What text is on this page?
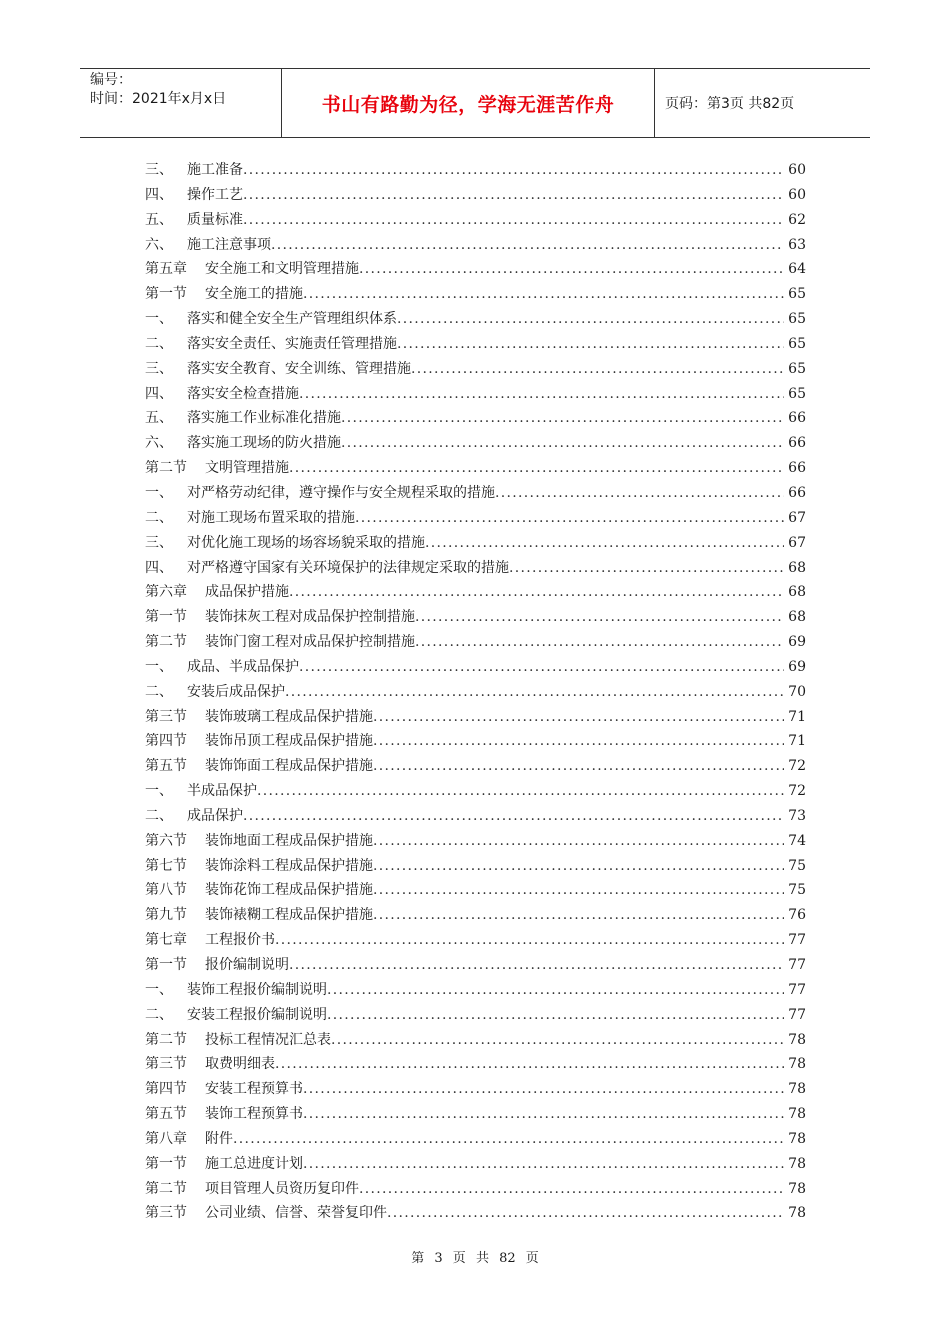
编号：
时间：2021年x月x日	书山有路勤为径，学海无涯苦作舟	页码：第3页 共82页
三、	施工准备 .....	60
四、	操作工艺 .....	60
五、	质量标准 .....	62
六、	施工注意事项 .....	63
第五章	安全施工和文明管理措施 .....	64
第一节	安全施工的措施 .....	65
一、	落实和健全安全生产管理组织体系 .....	65
二、	落实安全责任、实施责任管理措施 .....	65
三、	落实安全教育、安全训练、管理措施 .....	65
四、	落实安全检查措施 .....	65
五、	落实施工作业标准化措施 .....	66
六、	落实施工现场的防火措施 .....	66
第二节	文明管理措施 .....	66
一、	对严格劳动纪律，遵守操作与安全规程采取的措施 .....	66
二、	对施工现场布置采取的措施 .....	67
三、	对优化施工现场的场容场貌采取的措施 .....	67
四、	对严格遵守国家有关环境保护的法律规定采取的措施 .....	68
第六章	成品保护措施 .....	68
第一节	装饰抹灰工程对成品保护控制措施 .....	68
第二节	装饰门窗工程对成品保护控制措施 .....	69
一、	成品、半成品保护 .....	69
二、	安装后成品保护 .....	70
第三节	装饰玻璃工程成品保护措施 .....	71
第四节	装饰吊顶工程成品保护措施 .....	71
第五节	装饰饰面工程成品保护措施 .....	72
一、	半成品保护 .....	72
二、	成品保护 .....	73
第六节	装饰地面工程成品保护措施 .....	74
第七节	装饰涂料工程成品保护措施 .....	75
第八节	装饰花饰工程成品保护措施 .....	75
第九节	装饰裱糊工程成品保护措施 .....	76
第七章	工程报价书 .....	77
第一节	报价编制说明 .....	77
一、	装饰工程报价编制说明 .....	77
二、	安装工程报价编制说明 .....	77
第二节	投标工程情况汇总表 .....	78
第三节	取费明细表 .....	78
第四节	安装工程预算书 .....	78
第五节	装饰工程预算书 .....	78
第八章	附件 .....	78
第一节	施工总进度计划 .....	78
第二节	项目管理人员资历复印件 .....	78
第三节	公司业绩、信誉、荣誉复印件 .....	78
第 3 页 共 82 页
